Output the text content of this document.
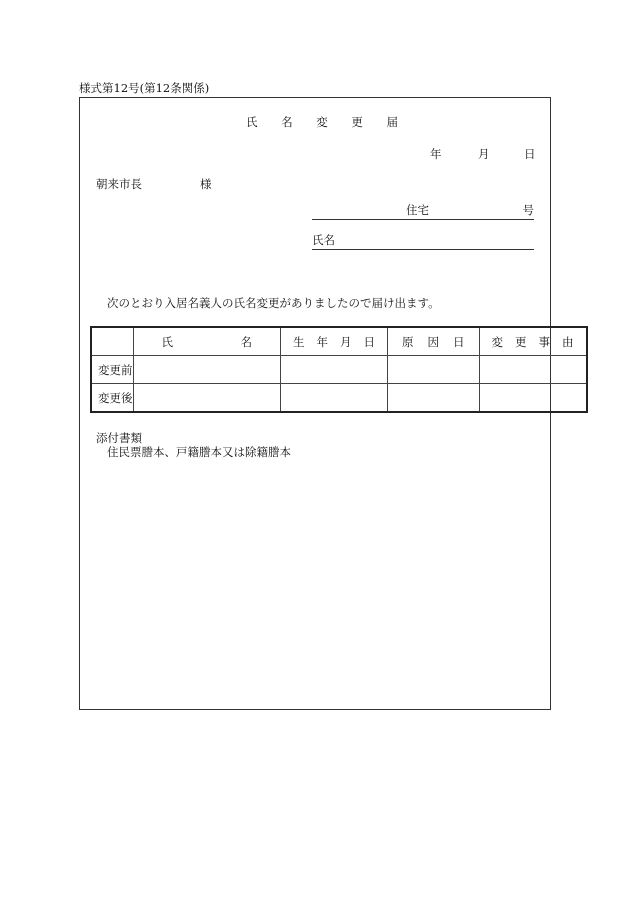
様式第12号(第12条関係)
氏 名 変 更 届
年	月	日
朝来市長	様
住宅	号
氏名
次のとおり入居名義人の氏名変更がありましたので届け出ます。
	氏　名	生年月日	原因日	変更事由
変更前				
変更後				
添付書類
住民票謄本、戸籍謄本又は除籍謄本
